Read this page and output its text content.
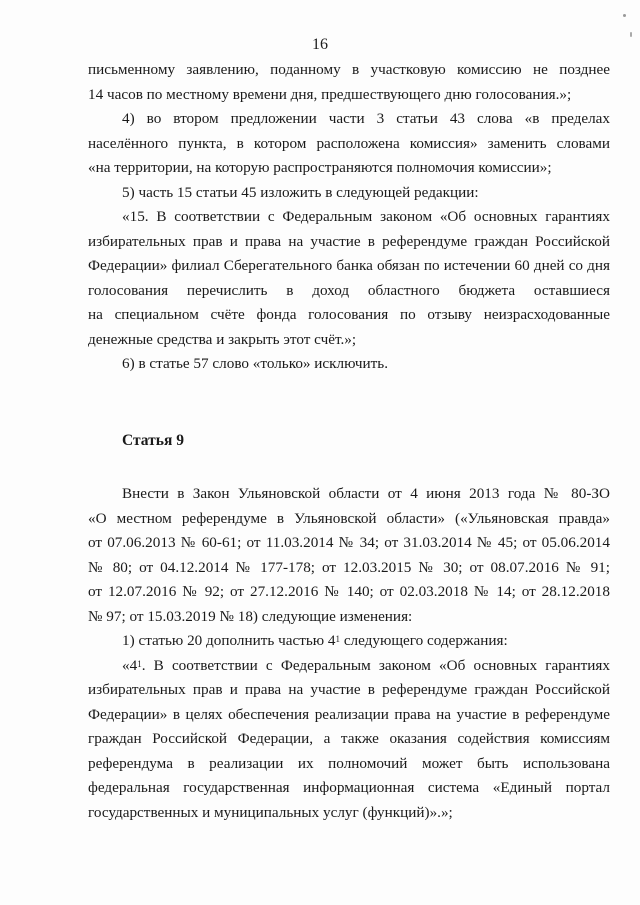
16
письменному заявлению, поданному в участковую комиссию не позднее
14 часов по местному времени дня, предшествующего дню голосования.»;
4) во втором предложении части 3 статьи 43 слова «в пределах
населённого пункта, в котором расположена комиссия» заменить словами
«на территории, на которую распространяются полномочия комиссии»;
5) часть 15 статьи 45 изложить в следующей редакции:
«15. В соответствии с Федеральным законом «Об основных гарантиях
избирательных прав и права на участие в референдуме граждан Российской
Федерации» филиал Сберегательного банка обязан по истечении 60 дней со дня
голосования перечислить в доход областного бюджета оставшиеся
на специальном счёте фонда голосования по отзыву неизрасходованные
денежные средства и закрыть этот счёт.»;
6) в статье 57 слово «только» исключить.
Статья 9
Внести в Закон Ульяновской области от 4 июня 2013 года № 80-ЗО
«О местном референдуме в Ульяновской области» («Ульяновская правда»
от 07.06.2013 № 60-61; от 11.03.2014 № 34; от 31.03.2014 № 45; от 05.06.2014
№ 80; от 04.12.2014 № 177-178; от 12.03.2015 № 30; от 08.07.2016 № 91;
от 12.07.2016 № 92; от 27.12.2016 № 140; от 02.03.2018 № 14; от 28.12.2018
№ 97; от 15.03.2019 № 18) следующие изменения:
1) статью 20 дополнить частью $4^1$ следующего содержания:
«$4^1$. В соответствии с Федеральным законом «Об основных гарантиях
избирательных прав и права на участие в референдуме граждан Российской
Федерации» в целях обеспечения реализации права на участие в референдуме
граждан Российской Федерации, а также оказания содействия комиссиям
референдума в реализации их полномочий может быть использована
федеральная государственная информационная система «Единый портал
государственных и муниципальных услуг (функций)».»;
